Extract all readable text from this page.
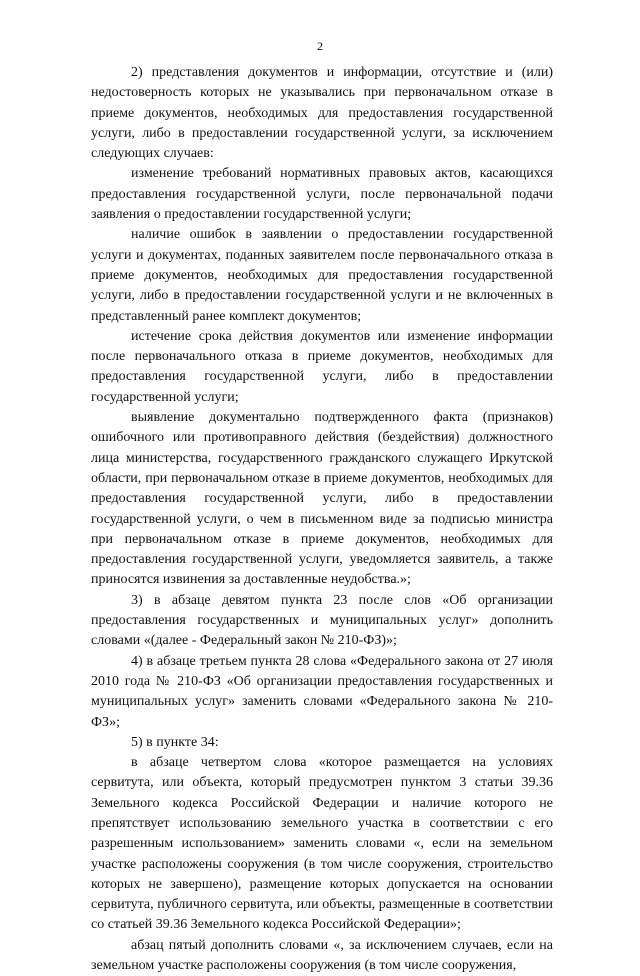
2

2) представления документов и информации, отсутствие и (или) недостоверность которых не указывались при первоначальном отказе в приеме документов, необходимых для предоставления государственной услуги, либо в предоставлении государственной услуги, за исключением следующих случаев:

изменение требований нормативных правовых актов, касающихся предоставления государственной услуги, после первоначальной подачи заявления о предоставлении государственной услуги;

наличие ошибок в заявлении о предоставлении государственной услуги и документах, поданных заявителем после первоначального отказа в приеме документов, необходимых для предоставления государственной услуги, либо в предоставлении государственной услуги и не включенных в представленный ранее комплект документов;

истечение срока действия документов или изменение информации после первоначального отказа в приеме документов, необходимых для предоставления государственной услуги, либо в предоставлении государственной услуги;

выявление документально подтвержденного факта (признаков) ошибочного или противоправного действия (бездействия) должностного лица министерства, государственного гражданского служащего Иркутской области, при первоначальном отказе в приеме документов, необходимых для предоставления государственной услуги, либо в предоставлении государственной услуги, о чем в письменном виде за подписью министра при первоначальном отказе в приеме документов, необходимых для предоставления государственной услуги, уведомляется заявитель, а также приносятся извинения за доставленные неудобства.»;

3) в абзаце девятом пункта 23 после слов «Об организации предоставления государственных и муниципальных услуг» дополнить словами «(далее - Федеральный закон № 210-ФЗ)»;

4) в абзаце третьем пункта 28 слова «Федерального закона от 27 июля 2010 года № 210-ФЗ «Об организации предоставления государственных и муниципальных услуг» заменить словами «Федерального закона № 210-ФЗ»;

5) в пункте 34:

в абзаце четвертом слова «которое размещается на условиях сервитута, или объекта, который предусмотрен пунктом 3 статьи 39.36 Земельного кодекса Российской Федерации и наличие которого не препятствует использованию земельного участка в соответствии с его разрешенным использованием» заменить словами «, если на земельном участке расположены сооружения (в том числе сооружения, строительство которых не завершено), размещение которых допускается на основании сервитута, публичного сервитута, или объекты, размещенные в соответствии со статьей 39.36 Земельного кодекса Российской Федерации»;

абзац пятый дополнить словами «, за исключением случаев, если на земельном участке расположены сооружения (в том числе сооружения,
